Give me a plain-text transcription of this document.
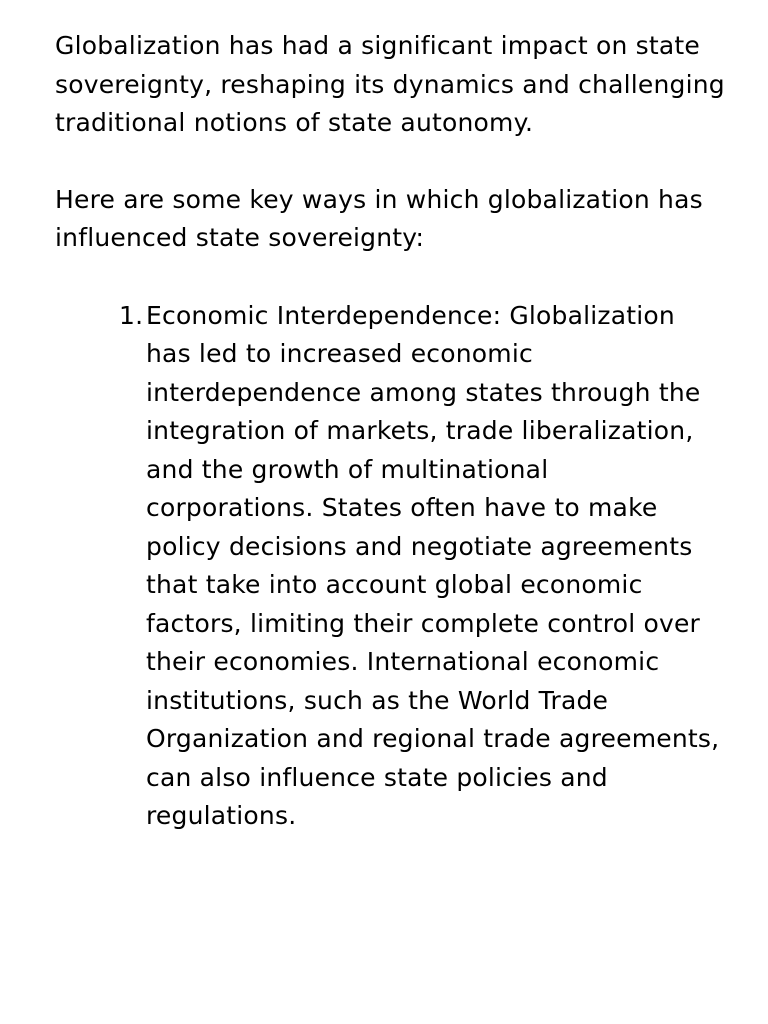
Globalization has had a significant impact on state sovereignty, reshaping its dynamics and challenging traditional notions of state autonomy.

Here are some key ways in which globalization has influenced state sovereignty:

1. Economic Interdependence: Globalization has led to increased economic interdependence among states through the integration of markets, trade liberalization, and the growth of multinational corporations. States often have to make policy decisions and negotiate agreements that take into account global economic factors, limiting their complete control over their economies. International economic institutions, such as the World Trade Organization and regional trade agreements, can also influence state policies and regulations.
